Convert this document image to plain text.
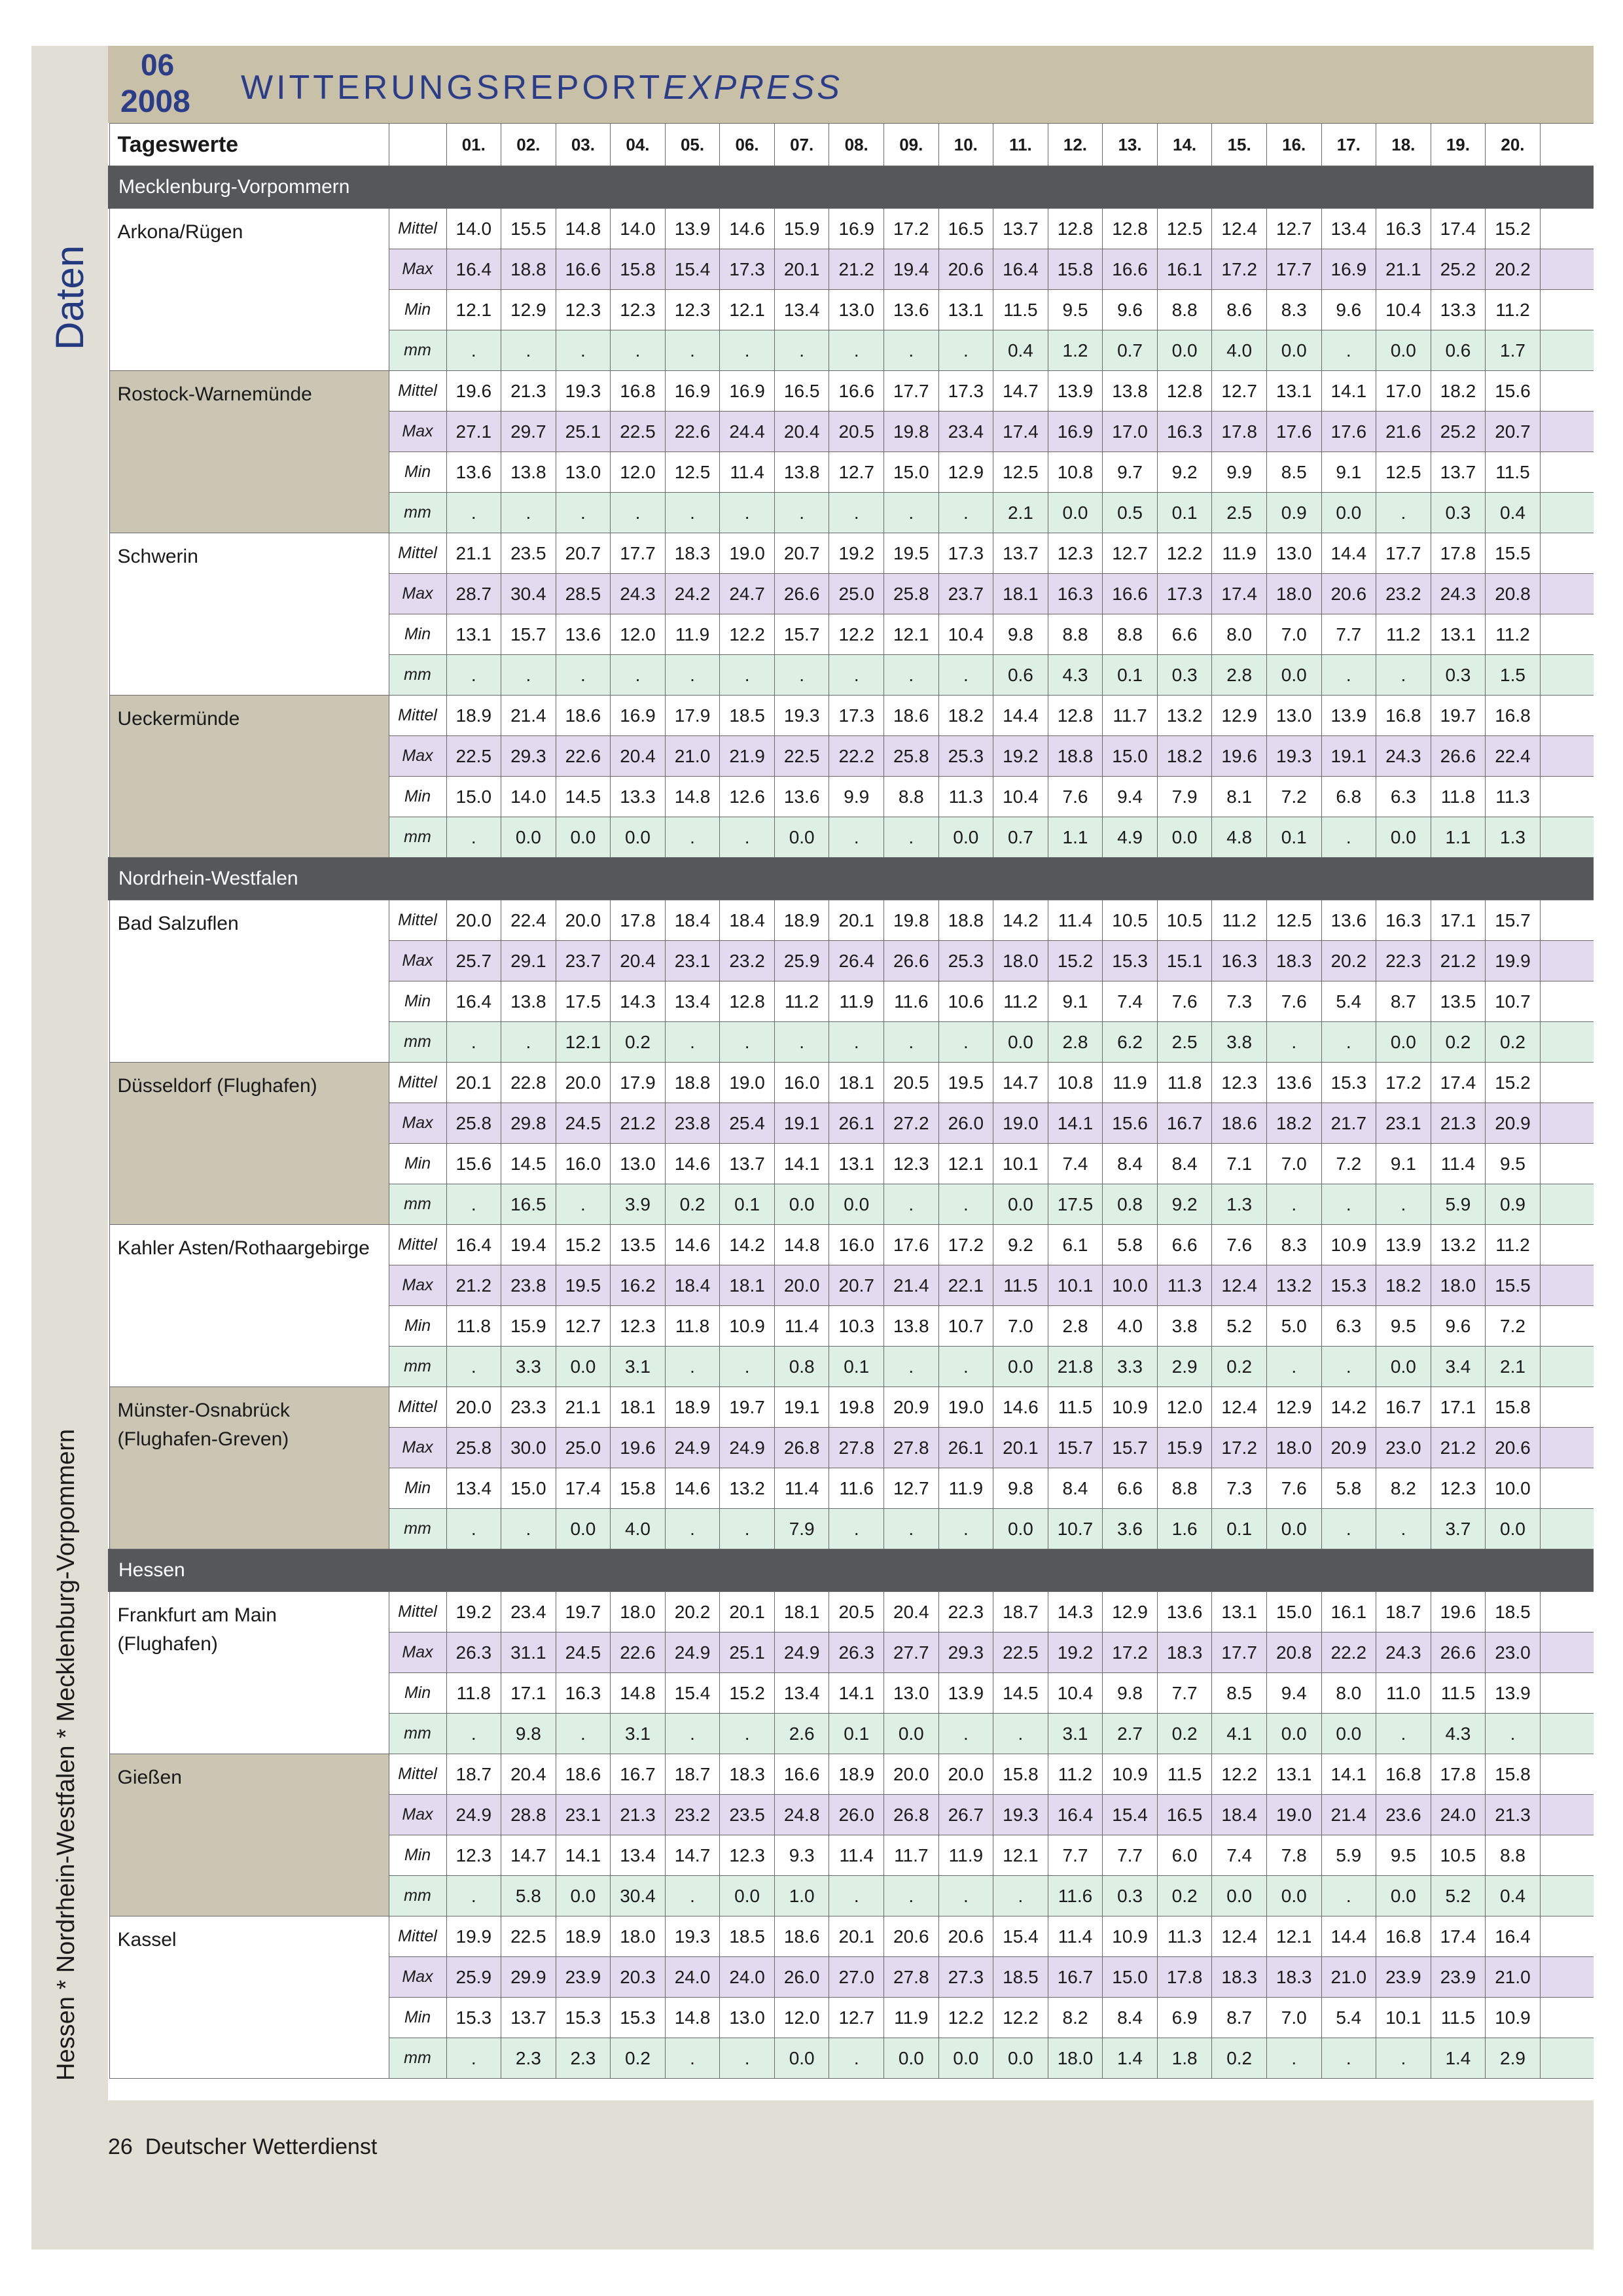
Daten
Hessen * Nordrhein-Westfalen * Mecklenburg-Vorpommern
06
2008 WITTERUNGSREPORTEXPRESS
Tageswerte		01.	02.	03.	04.	05.	06.	07.	08.	09.	10.	11.	12.	13.	14.	15.	16.	17.	18.	19.	20.	
Mecklenburg-Vorpommern																						
Arkona/Rügen	Mittel	14.0	15.5	14.8	14.0	13.9	14.6	15.9	16.9	17.2	16.5	13.7	12.8	12.8	12.5	12.4	12.7	13.4	16.3	17.4	15.2	
	Max	16.4	18.8	16.6	15.8	15.4	17.3	20.1	21.2	19.4	20.6	16.4	15.8	16.6	16.1	17.2	17.7	16.9	21.1	25.2	20.2	
	Min	12.1	12.9	12.3	12.3	12.3	12.1	13.4	13.0	13.6	13.1	11.5	9.5	9.6	8.8	8.6	8.3	9.6	10.4	13.3	11.2	
	mm	.	.	.	.	.	.	.	.	.	.	0.4	1.2	0.7	0.0	4.0	0.0	.	0.0	0.6	1.7	
Rostock-Warnemünde	Mittel	19.6	21.3	19.3	16.8	16.9	16.9	16.5	16.6	17.7	17.3	14.7	13.9	13.8	12.8	12.7	13.1	14.1	17.0	18.2	15.6	
	Max	27.1	29.7	25.1	22.5	22.6	24.4	20.4	20.5	19.8	23.4	17.4	16.9	17.0	16.3	17.8	17.6	17.6	21.6	25.2	20.7	
	Min	13.6	13.8	13.0	12.0	12.5	11.4	13.8	12.7	15.0	12.9	12.5	10.8	9.7	9.2	9.9	8.5	9.1	12.5	13.7	11.5	
	mm	.	.	.	.	.	.	.	.	.	.	2.1	0.0	0.5	0.1	2.5	0.9	0.0	.	0.3	0.4	
Schwerin	Mittel	21.1	23.5	20.7	17.7	18.3	19.0	20.7	19.2	19.5	17.3	13.7	12.3	12.7	12.2	11.9	13.0	14.4	17.7	17.8	15.5	
	Max	28.7	30.4	28.5	24.3	24.2	24.7	26.6	25.0	25.8	23.7	18.1	16.3	16.6	17.3	17.4	18.0	20.6	23.2	24.3	20.8	
	Min	13.1	15.7	13.6	12.0	11.9	12.2	15.7	12.2	12.1	10.4	9.8	8.8	8.8	6.6	8.0	7.0	7.7	11.2	13.1	11.2	
	mm	.	.	.	.	.	.	.	.	.	.	0.6	4.3	0.1	0.3	2.8	0.0	.	.	0.3	1.5	
Ueckermünde	Mittel	18.9	21.4	18.6	16.9	17.9	18.5	19.3	17.3	18.6	18.2	14.4	12.8	11.7	13.2	12.9	13.0	13.9	16.8	19.7	16.8	
	Max	22.5	29.3	22.6	20.4	21.0	21.9	22.5	22.2	25.8	25.3	19.2	18.8	15.0	18.2	19.6	19.3	19.1	24.3	26.6	22.4	
	Min	15.0	14.0	14.5	13.3	14.8	12.6	13.6	9.9	8.8	11.3	10.4	7.6	9.4	7.9	8.1	7.2	6.8	6.3	11.8	11.3	
	mm	.	0.0	0.0	0.0	.	.	0.0	.	.	0.0	0.7	1.1	4.9	0.0	4.8	0.1	.	0.0	1.1	1.3	
Nordrhein-Westfalen																						
Bad Salzuflen	Mittel	20.0	22.4	20.0	17.8	18.4	18.4	18.9	20.1	19.8	18.8	14.2	11.4	10.5	10.5	11.2	12.5	13.6	16.3	17.1	15.7	
	Max	25.7	29.1	23.7	20.4	23.1	23.2	25.9	26.4	26.6	25.3	18.0	15.2	15.3	15.1	16.3	18.3	20.2	22.3	21.2	19.9	
	Min	16.4	13.8	17.5	14.3	13.4	12.8	11.2	11.9	11.6	10.6	11.2	9.1	7.4	7.6	7.3	7.6	5.4	8.7	13.5	10.7	
	mm	.	.	12.1	0.2	.	.	.	.	.	.	0.0	2.8	6.2	2.5	3.8	.	.	0.0	0.2	0.2	
Düsseldorf (Flughafen)	Mittel	20.1	22.8	20.0	17.9	18.8	19.0	16.0	18.1	20.5	19.5	14.7	10.8	11.9	11.8	12.3	13.6	15.3	17.2	17.4	15.2	
	Max	25.8	29.8	24.5	21.2	23.8	25.4	19.1	26.1	27.2	26.0	19.0	14.1	15.6	16.7	18.6	18.2	21.7	23.1	21.3	20.9	
	Min	15.6	14.5	16.0	13.0	14.6	13.7	14.1	13.1	12.3	12.1	10.1	7.4	8.4	8.4	7.1	7.0	7.2	9.1	11.4	9.5	
	mm	.	16.5	.	3.9	0.2	0.1	0.0	0.0	.	.	0.0	17.5	0.8	9.2	1.3	.	.	.	5.9	0.9	
Kahler Asten/Rothaargebirge	Mittel	16.4	19.4	15.2	13.5	14.6	14.2	14.8	16.0	17.6	17.2	9.2	6.1	5.8	6.6	7.6	8.3	10.9	13.9	13.2	11.2	
	Max	21.2	23.8	19.5	16.2	18.4	18.1	20.0	20.7	21.4	22.1	11.5	10.1	10.0	11.3	12.4	13.2	15.3	18.2	18.0	15.5	
	Min	11.8	15.9	12.7	12.3	11.8	10.9	11.4	10.3	13.8	10.7	7.0	2.8	4.0	3.8	5.2	5.0	6.3	9.5	9.6	7.2	
	mm	.	3.3	0.0	3.1	.	.	0.8	0.1	.	.	0.0	21.8	3.3	2.9	0.2	.	.	0.0	3.4	2.1	
Münster-Osnabrück (Flughafen-Greven)	Mittel	20.0	23.3	21.1	18.1	18.9	19.7	19.1	19.8	20.9	19.0	14.6	11.5	10.9	12.0	12.4	12.9	14.2	16.7	17.1	15.8	
	Max	25.8	30.0	25.0	19.6	24.9	24.9	26.8	27.8	27.8	26.1	20.1	15.7	15.7	15.9	17.2	18.0	20.9	23.0	21.2	20.6	
	Min	13.4	15.0	17.4	15.8	14.6	13.2	11.4	11.6	12.7	11.9	9.8	8.4	6.6	8.8	7.3	7.6	5.8	8.2	12.3	10.0	
	mm	.	.	0.0	4.0	.	.	7.9	.	.	.	0.0	10.7	3.6	1.6	0.1	0.0	.	.	3.7	0.0	
Hessen																						
Frankfurt am Main (Flughafen)	Mittel	19.2	23.4	19.7	18.0	20.2	20.1	18.1	20.5	20.4	22.3	18.7	14.3	12.9	13.6	13.1	15.0	16.1	18.7	19.6	18.5	
	Max	26.3	31.1	24.5	22.6	24.9	25.1	24.9	26.3	27.7	29.3	22.5	19.2	17.2	18.3	17.7	20.8	22.2	24.3	26.6	23.0	
	Min	11.8	17.1	16.3	14.8	15.4	15.2	13.4	14.1	13.0	13.9	14.5	10.4	9.8	7.7	8.5	9.4	8.0	11.0	11.5	13.9	
	mm	.	9.8	.	3.1	.	.	2.6	0.1	0.0	.	.	3.1	2.7	0.2	4.1	0.0	0.0	.	4.3	.	
Gießen	Mittel	18.7	20.4	18.6	16.7	18.7	18.3	16.6	18.9	20.0	20.0	15.8	11.2	10.9	11.5	12.2	13.1	14.1	16.8	17.8	15.8	
	Max	24.9	28.8	23.1	21.3	23.2	23.5	24.8	26.0	26.8	26.7	19.3	16.4	15.4	16.5	18.4	19.0	21.4	23.6	24.0	21.3	
	Min	12.3	14.7	14.1	13.4	14.7	12.3	9.3	11.4	11.7	11.9	12.1	7.7	7.7	6.0	7.4	7.8	5.9	9.5	10.5	8.8	
	mm	.	5.8	0.0	30.4	.	0.0	1.0	.	.	.	.	11.6	0.3	0.2	0.0	0.0	.	0.0	5.2	0.4	
Kassel	Mittel	19.9	22.5	18.9	18.0	19.3	18.5	18.6	20.1	20.6	20.6	15.4	11.4	10.9	11.3	12.4	12.1	14.4	16.8	17.4	16.4	
	Max	25.9	29.9	23.9	20.3	24.0	24.0	26.0	27.0	27.8	27.3	18.5	16.7	15.0	17.8	18.3	18.3	21.0	23.9	23.9	21.0	
	Min	15.3	13.7	15.3	15.3	14.8	13.0	12.0	12.7	11.9	12.2	12.2	8.2	8.4	6.9	8.7	7.0	5.4	10.1	11.5	10.9	
	mm	.	2.3	2.3	0.2	.	.	0.0	.	0.0	0.0	0.0	18.0	1.4	1.8	0.2	.	.	.	1.4	2.9	
26 Deutscher Wetterdienst
